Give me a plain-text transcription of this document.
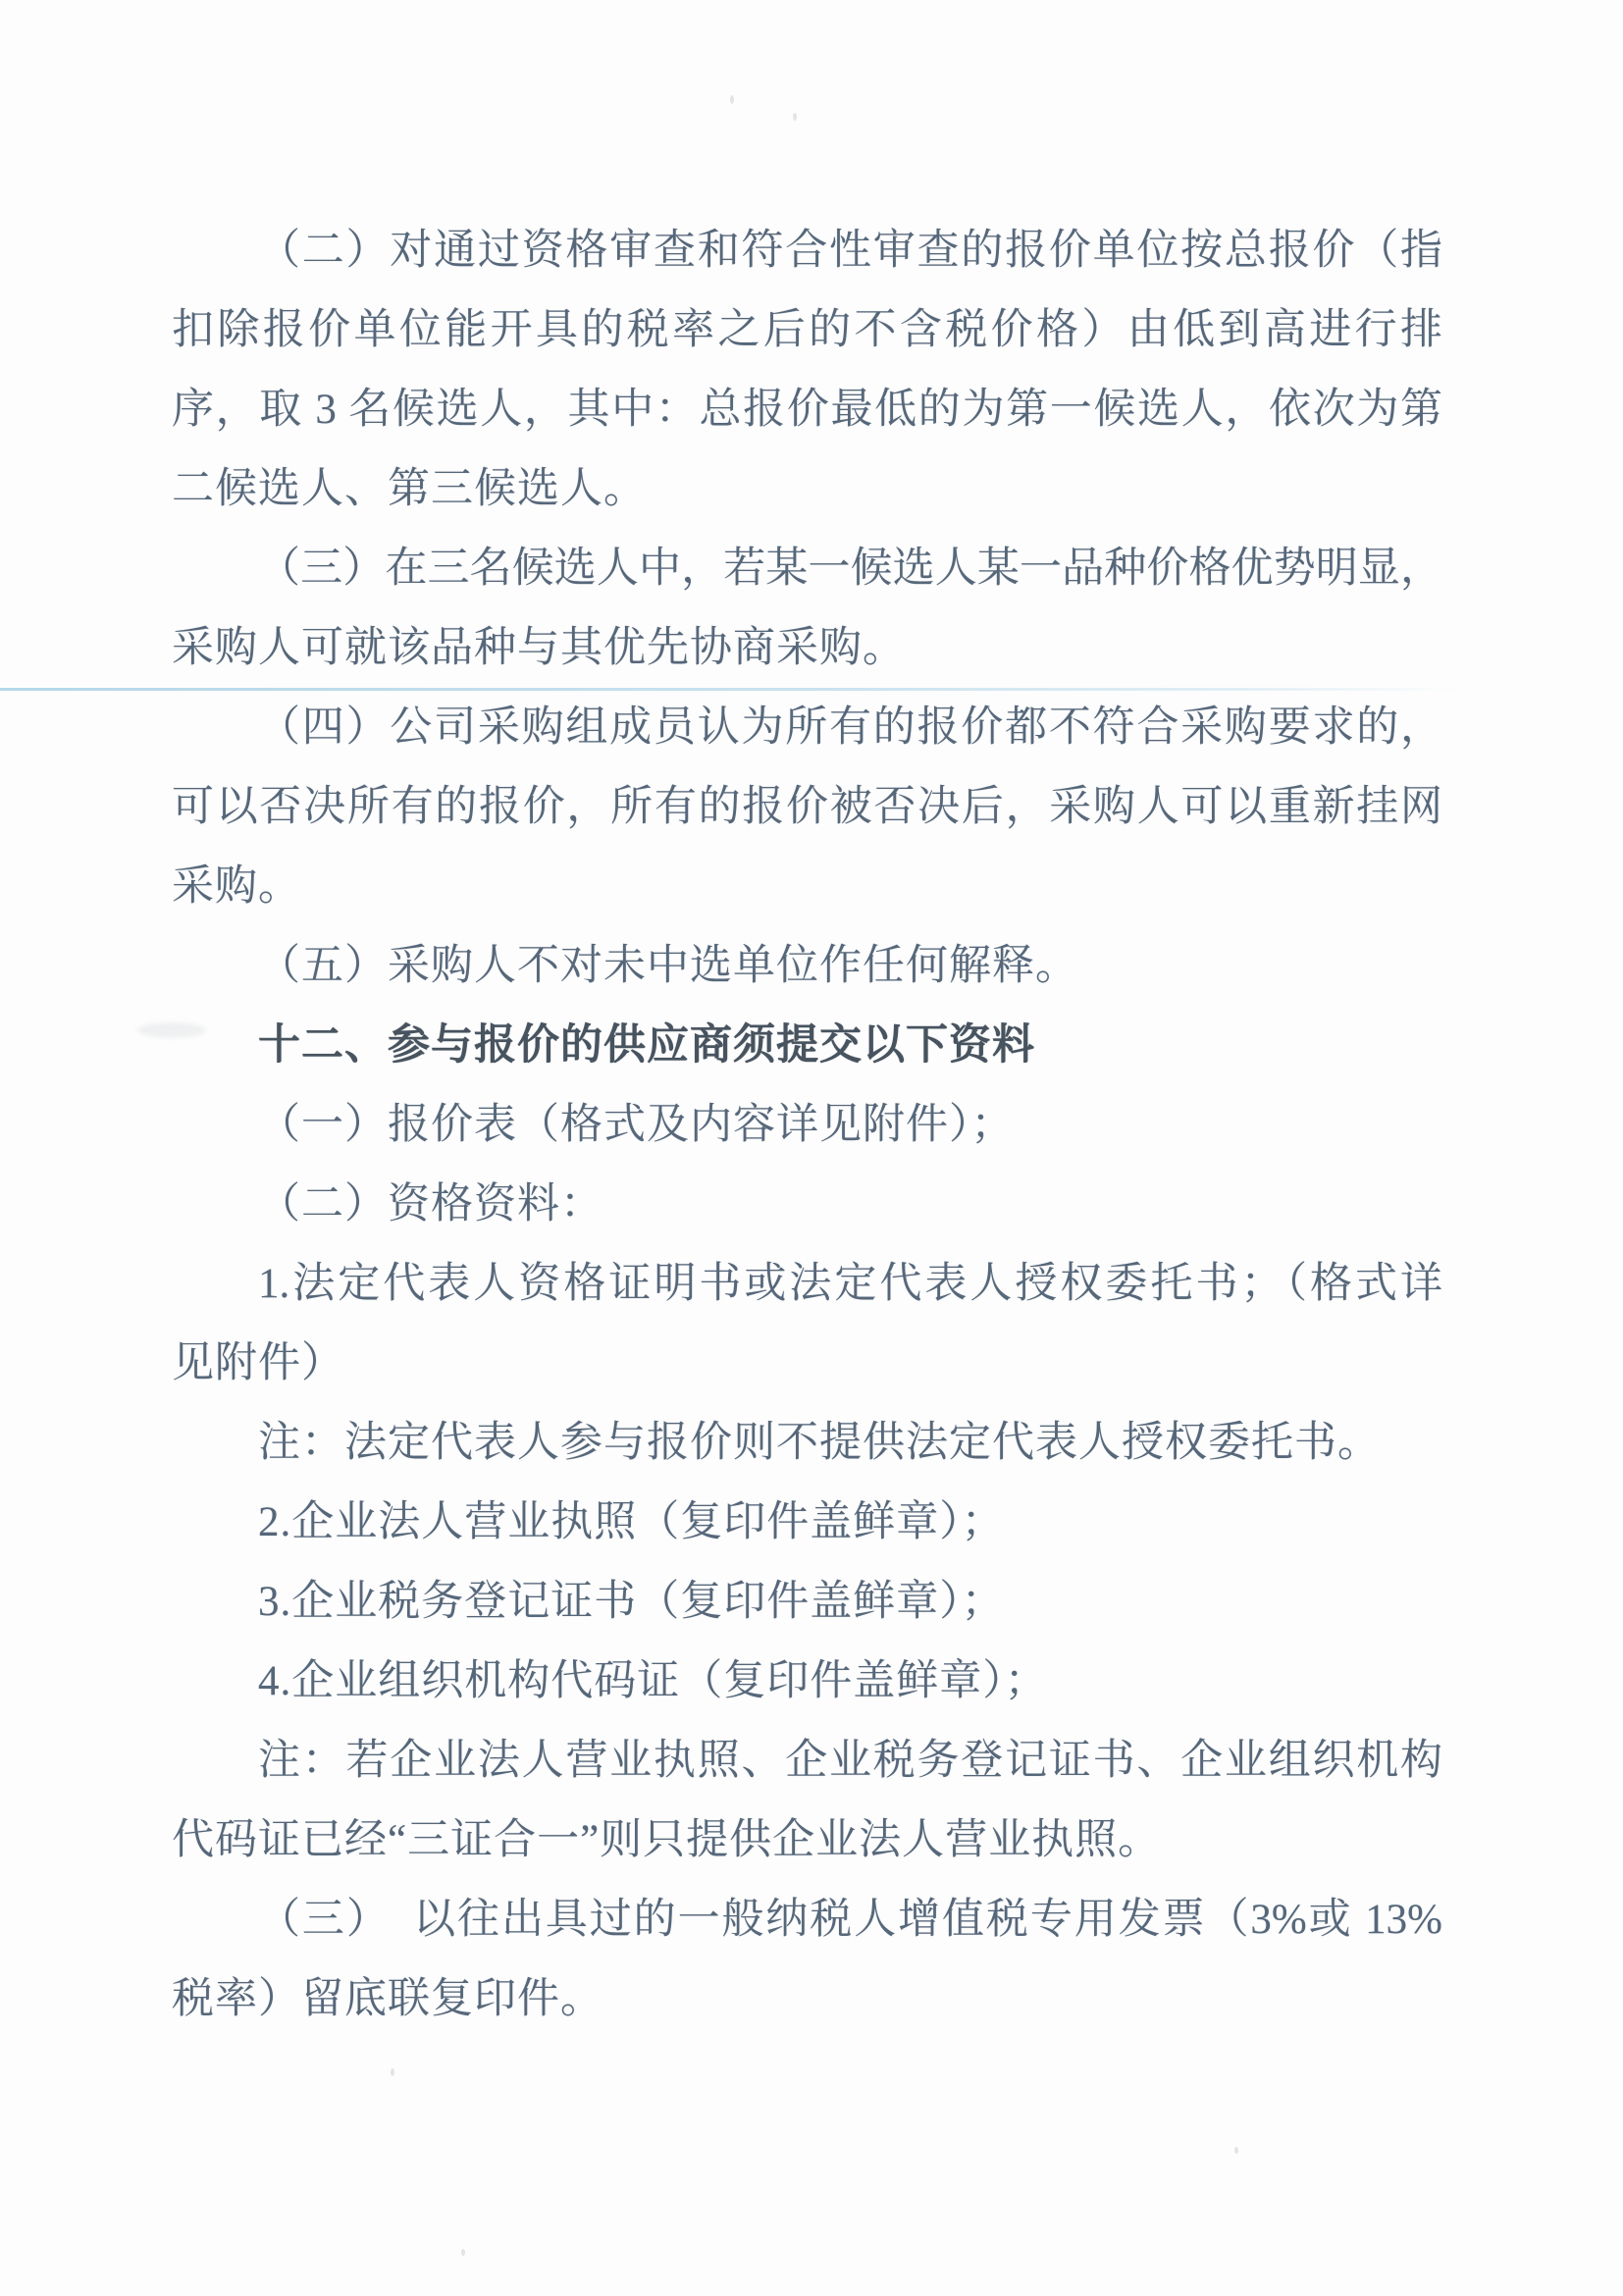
（二）对通过资格审查和符合性审查的报价单位按总报价（指
扣除报价单位能开具的税率之后的不含税价格）由低到高进行排
序，取 3 名候选人，其中：总报价最低的为第一候选人，依次为第
二候选人、第三候选人。
（三）在三名候选人中，若某一候选人某一品种价格优势明显，
采购人可就该品种与其优先协商采购。
（四）公司采购组成员认为所有的报价都不符合采购要求的，
可以否决所有的报价，所有的报价被否决后，采购人可以重新挂网
采购。
（五）采购人不对未中选单位作任何解释。
十二、参与报价的供应商须提交以下资料
（一）报价表（格式及内容详见附件）；
（二）资格资料：
1.法定代表人资格证明书或法定代表人授权委托书；（格式详
见附件）
注：法定代表人参与报价则不提供法定代表人授权委托书。
2.企业法人营业执照（复印件盖鲜章）；
3.企业税务登记证书（复印件盖鲜章）；
4.企业组织机构代码证（复印件盖鲜章）；
注：若企业法人营业执照、企业税务登记证书、企业组织机构
代码证已经“三证合一”则只提供企业法人营业执照。
（三）　以往出具过的一般纳税人增值税专用发票（3%或 13%
税率）留底联复印件。
